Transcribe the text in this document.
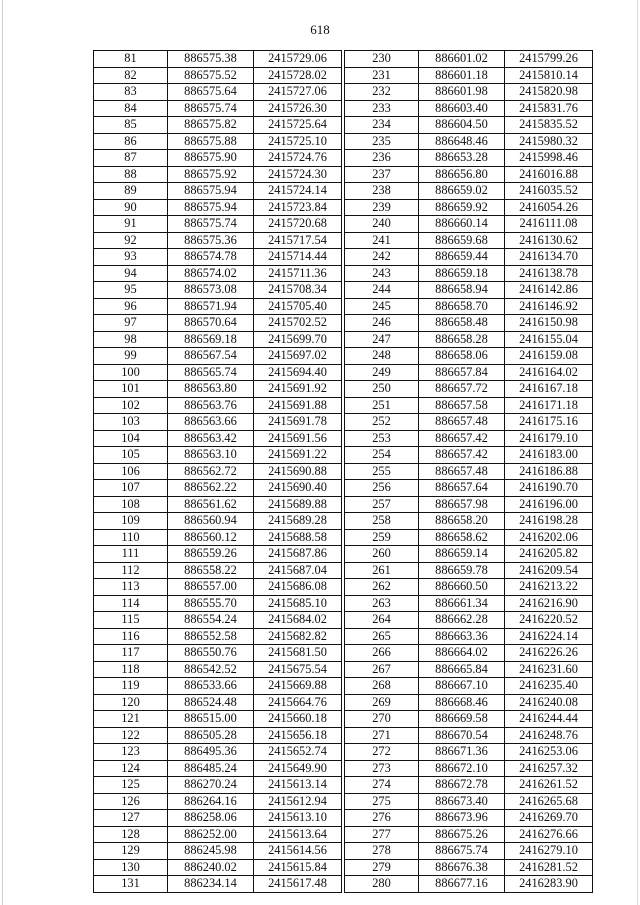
618
81	886575.38	2415729.06
82	886575.52	2415728.02
83	886575.64	2415727.06
84	886575.74	2415726.30
85	886575.82	2415725.64
86	886575.88	2415725.10
87	886575.90	2415724.76
88	886575.92	2415724.30
89	886575.94	2415724.14
90	886575.94	2415723.84
91	886575.74	2415720.68
92	886575.36	2415717.54
93	886574.78	2415714.44
94	886574.02	2415711.36
95	886573.08	2415708.34
96	886571.94	2415705.40
97	886570.64	2415702.52
98	886569.18	2415699.70
99	886567.54	2415697.02
100	886565.74	2415694.40
101	886563.80	2415691.92
102	886563.76	2415691.88
103	886563.66	2415691.78
104	886563.42	2415691.56
105	886563.10	2415691.22
106	886562.72	2415690.88
107	886562.22	2415690.40
108	886561.62	2415689.88
109	886560.94	2415689.28
110	886560.12	2415688.58
111	886559.26	2415687.86
112	886558.22	2415687.04
113	886557.00	2415686.08
114	886555.70	2415685.10
115	886554.24	2415684.02
116	886552.58	2415682.82
117	886550.76	2415681.50
118	886542.52	2415675.54
119	886533.66	2415669.88
120	886524.48	2415664.76
121	886515.00	2415660.18
122	886505.28	2415656.18
123	886495.36	2415652.74
124	886485.24	2415649.90
125	886270.24	2415613.14
126	886264.16	2415612.94
127	886258.06	2415613.10
128	886252.00	2415613.64
129	886245.98	2415614.56
130	886240.02	2415615.84
131	886234.14	2415617.48
230	886601.02	2415799.26
231	886601.18	2415810.14
232	886601.98	2415820.98
233	886603.40	2415831.76
234	886604.50	2415835.52
235	886648.46	2415980.32
236	886653.28	2415998.46
237	886656.80	2416016.88
238	886659.02	2416035.52
239	886659.92	2416054.26
240	886660.14	2416111.08
241	886659.68	2416130.62
242	886659.44	2416134.70
243	886659.18	2416138.78
244	886658.94	2416142.86
245	886658.70	2416146.92
246	886658.48	2416150.98
247	886658.28	2416155.04
248	886658.06	2416159.08
249	886657.84	2416164.02
250	886657.72	2416167.18
251	886657.58	2416171.18
252	886657.48	2416175.16
253	886657.42	2416179.10
254	886657.42	2416183.00
255	886657.48	2416186.88
256	886657.64	2416190.70
257	886657.98	2416196.00
258	886658.20	2416198.28
259	886658.62	2416202.06
260	886659.14	2416205.82
261	886659.78	2416209.54
262	886660.50	2416213.22
263	886661.34	2416216.90
264	886662.28	2416220.52
265	886663.36	2416224.14
266	886664.02	2416226.26
267	886665.84	2416231.60
268	886667.10	2416235.40
269	886668.46	2416240.08
270	886669.58	2416244.44
271	886670.54	2416248.76
272	886671.36	2416253.06
273	886672.10	2416257.32
274	886672.78	2416261.52
275	886673.40	2416265.68
276	886673.96	2416269.70
277	886675.26	2416276.66
278	886675.74	2416279.10
279	886676.38	2416281.52
280	886677.16	2416283.90
